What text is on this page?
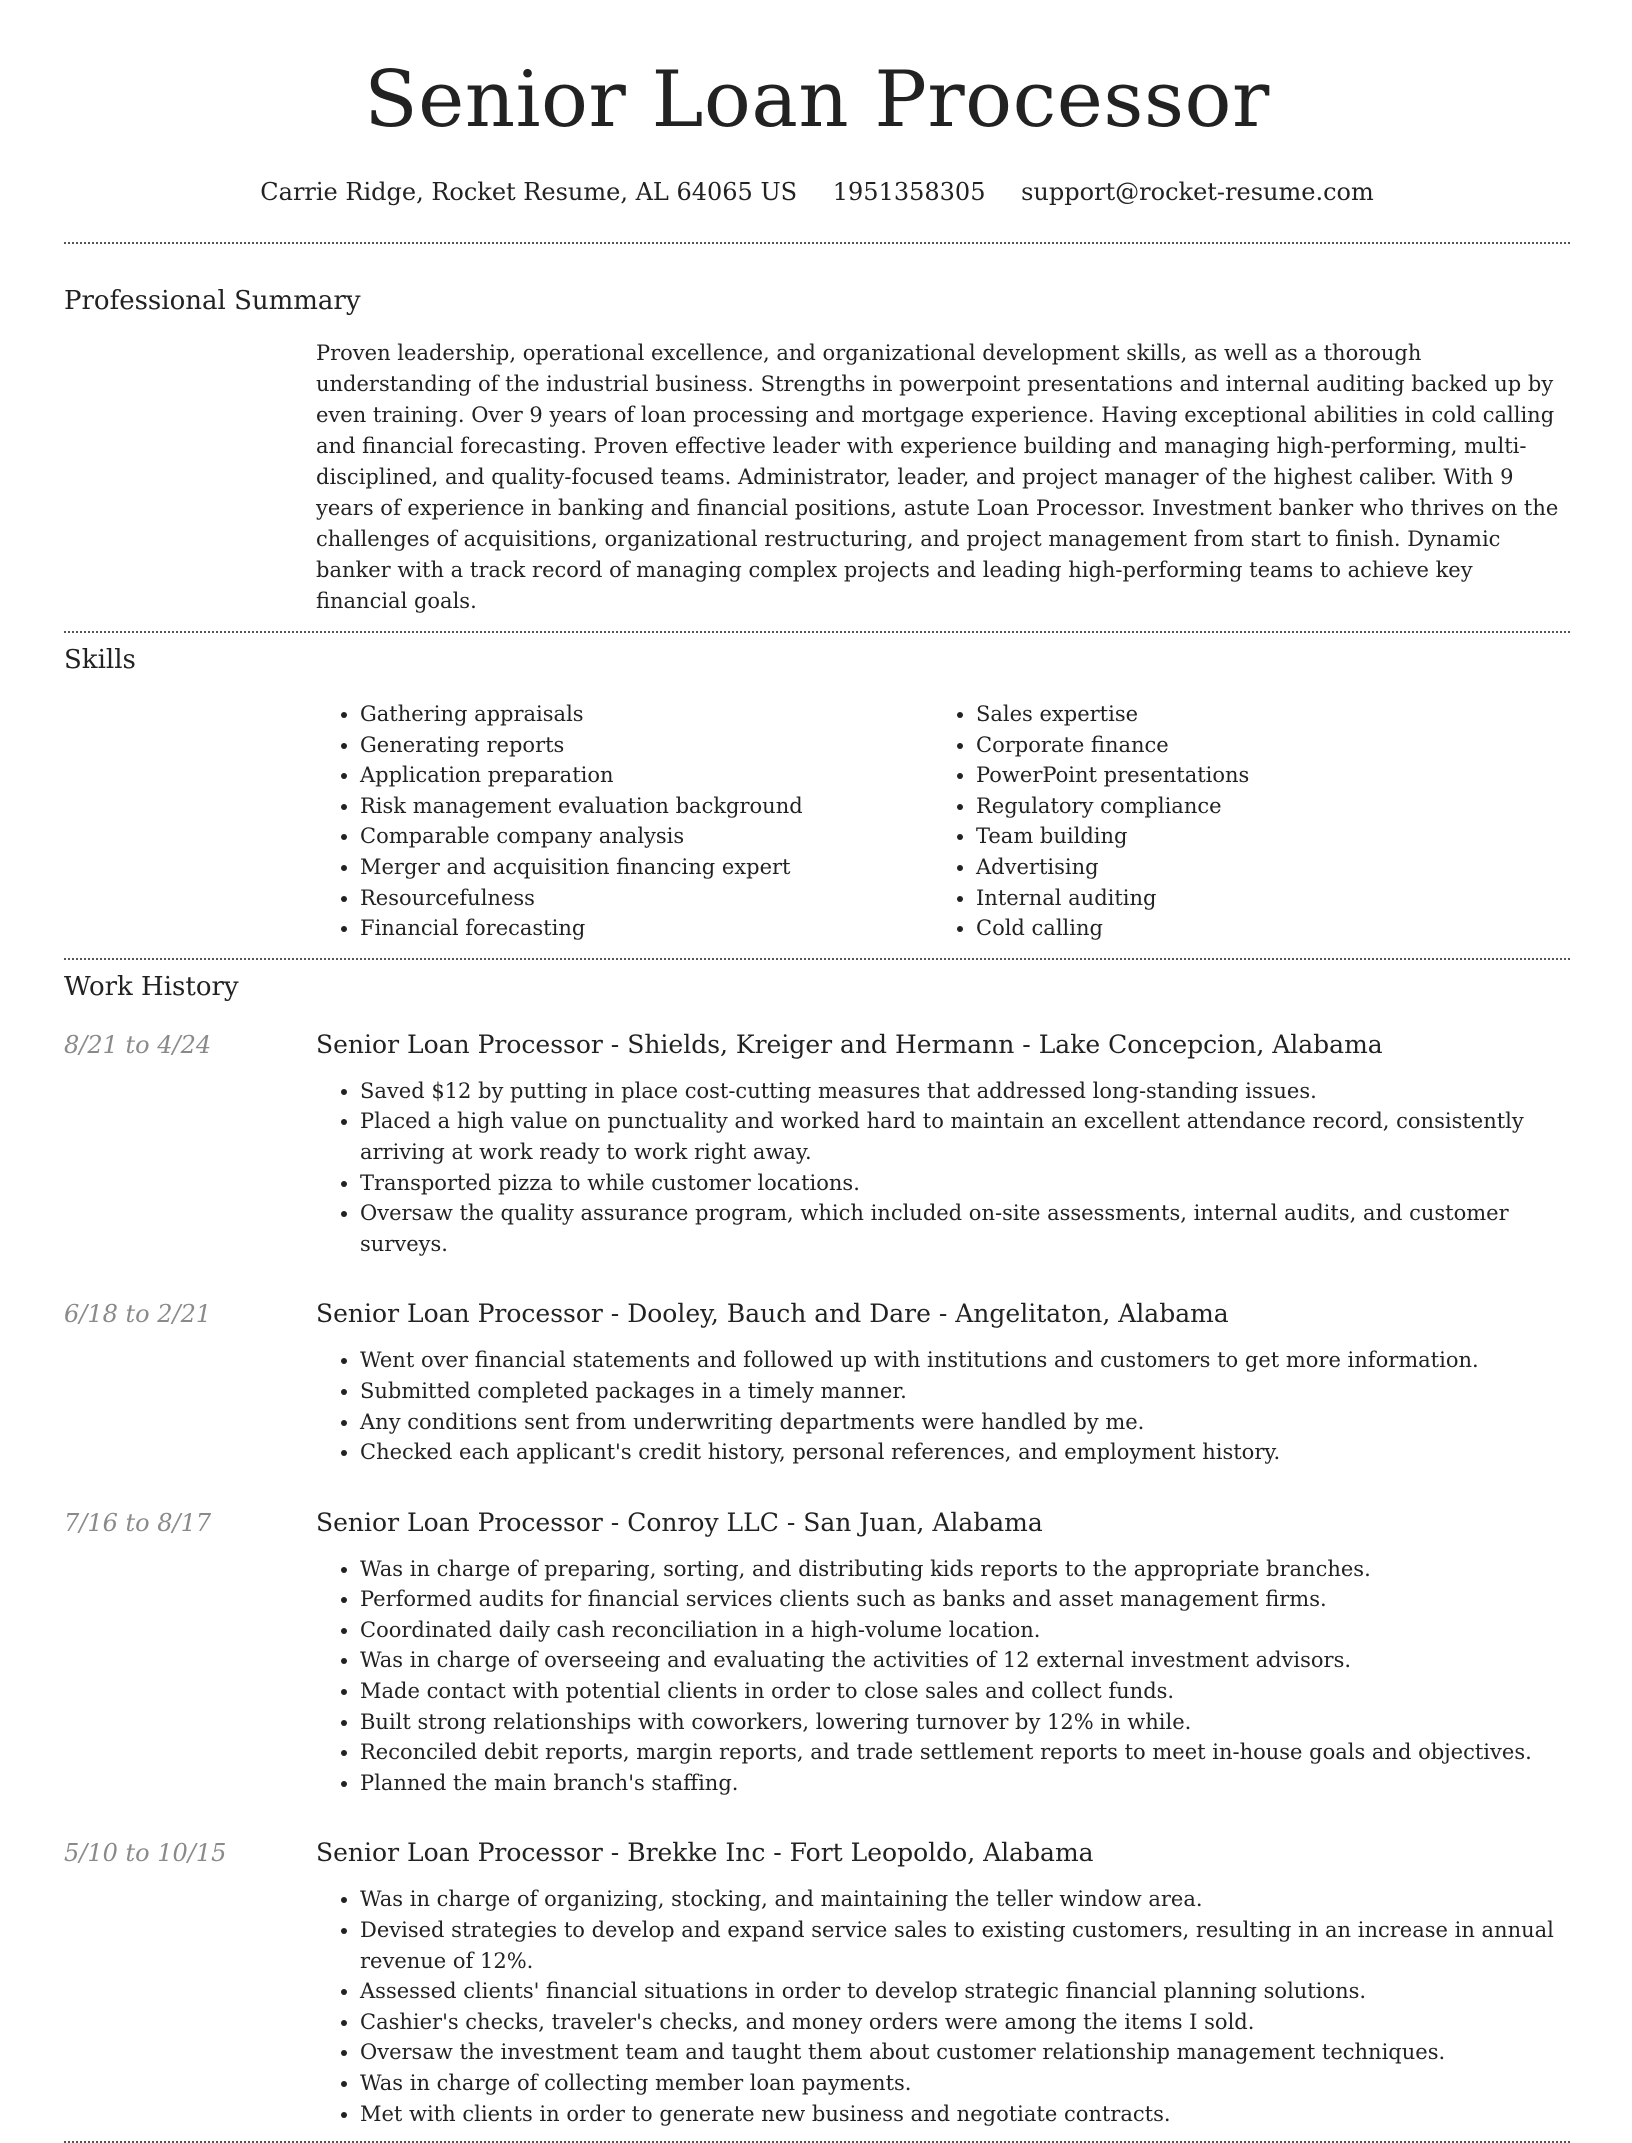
Senior Loan Processor
Carrie Ridge, Rocket Resume, AL 64065 US 1951358305 support@rocket-resume.com
Professional Summary

Proven leadership, operational excellence, and organizational development skills, as well as a thorough understanding of the industrial business. Strengths in powerpoint presentations and internal auditing backed up by even training. Over 9 years of loan processing and mortgage experience. Having exceptional abilities in cold calling and financial forecasting. Proven effective leader with experience building and managing high-performing, multi-disciplined, and quality-focused teams. Administrator, leader, and project manager of the highest caliber. With 9 years of experience in banking and financial positions, astute Loan Processor. Investment banker who thrives on the challenges of acquisitions, organizational restructuring, and project management from start to finish. Dynamic banker with a track record of managing complex projects and leading high-performing teams to achieve key financial goals.

Skills
• Gathering appraisals
• Generating reports
• Application preparation
• Risk management evaluation background
• Comparable company analysis
• Merger and acquisition financing expert
• Resourcefulness
• Financial forecasting
• Sales expertise
• Corporate finance
• PowerPoint presentations
• Regulatory compliance
• Team building
• Advertising
• Internal auditing
• Cold calling
Work History
8/21 to 4/24	Senior Loan Processor - Shields, Kreiger and Hermann - Lake Concepcion, Alabama
• Saved $12 by putting in place cost-cutting measures that addressed long-standing issues.
• Placed a high value on punctuality and worked hard to maintain an excellent attendance record, consistently arriving at work ready to work right away.
• Transported pizza to while customer locations.
• Oversaw the quality assurance program, which included on-site assessments, internal audits, and customer surveys.
6/18 to 2/21	Senior Loan Processor - Dooley, Bauch and Dare - Angelitaton, Alabama
• Went over financial statements and followed up with institutions and customers to get more information.
• Submitted completed packages in a timely manner.
• Any conditions sent from underwriting departments were handled by me.
• Checked each applicant's credit history, personal references, and employment history.
7/16 to 8/17	Senior Loan Processor - Conroy LLC - San Juan, Alabama
• Was in charge of preparing, sorting, and distributing kids reports to the appropriate branches.
• Performed audits for financial services clients such as banks and asset management firms.
• Coordinated daily cash reconciliation in a high-volume location.
• Was in charge of overseeing and evaluating the activities of 12 external investment advisors.
• Made contact with potential clients in order to close sales and collect funds.
• Built strong relationships with coworkers, lowering turnover by 12% in while.
• Reconciled debit reports, margin reports, and trade settlement reports to meet in-house goals and objectives.
• Planned the main branch's staffing.
5/10 to 10/15	Senior Loan Processor - Brekke Inc - Fort Leopoldo, Alabama
• Was in charge of organizing, stocking, and maintaining the teller window area.
• Devised strategies to develop and expand service sales to existing customers, resulting in an increase in annual revenue of 12%.
• Assessed clients' financial situations in order to develop strategic financial planning solutions.
• Cashier's checks, traveler's checks, and money orders were among the items I sold.
• Oversaw the investment team and taught them about customer relationship management techniques.
• Was in charge of collecting member loan payments.
• Met with clients in order to generate new business and negotiate contracts.
